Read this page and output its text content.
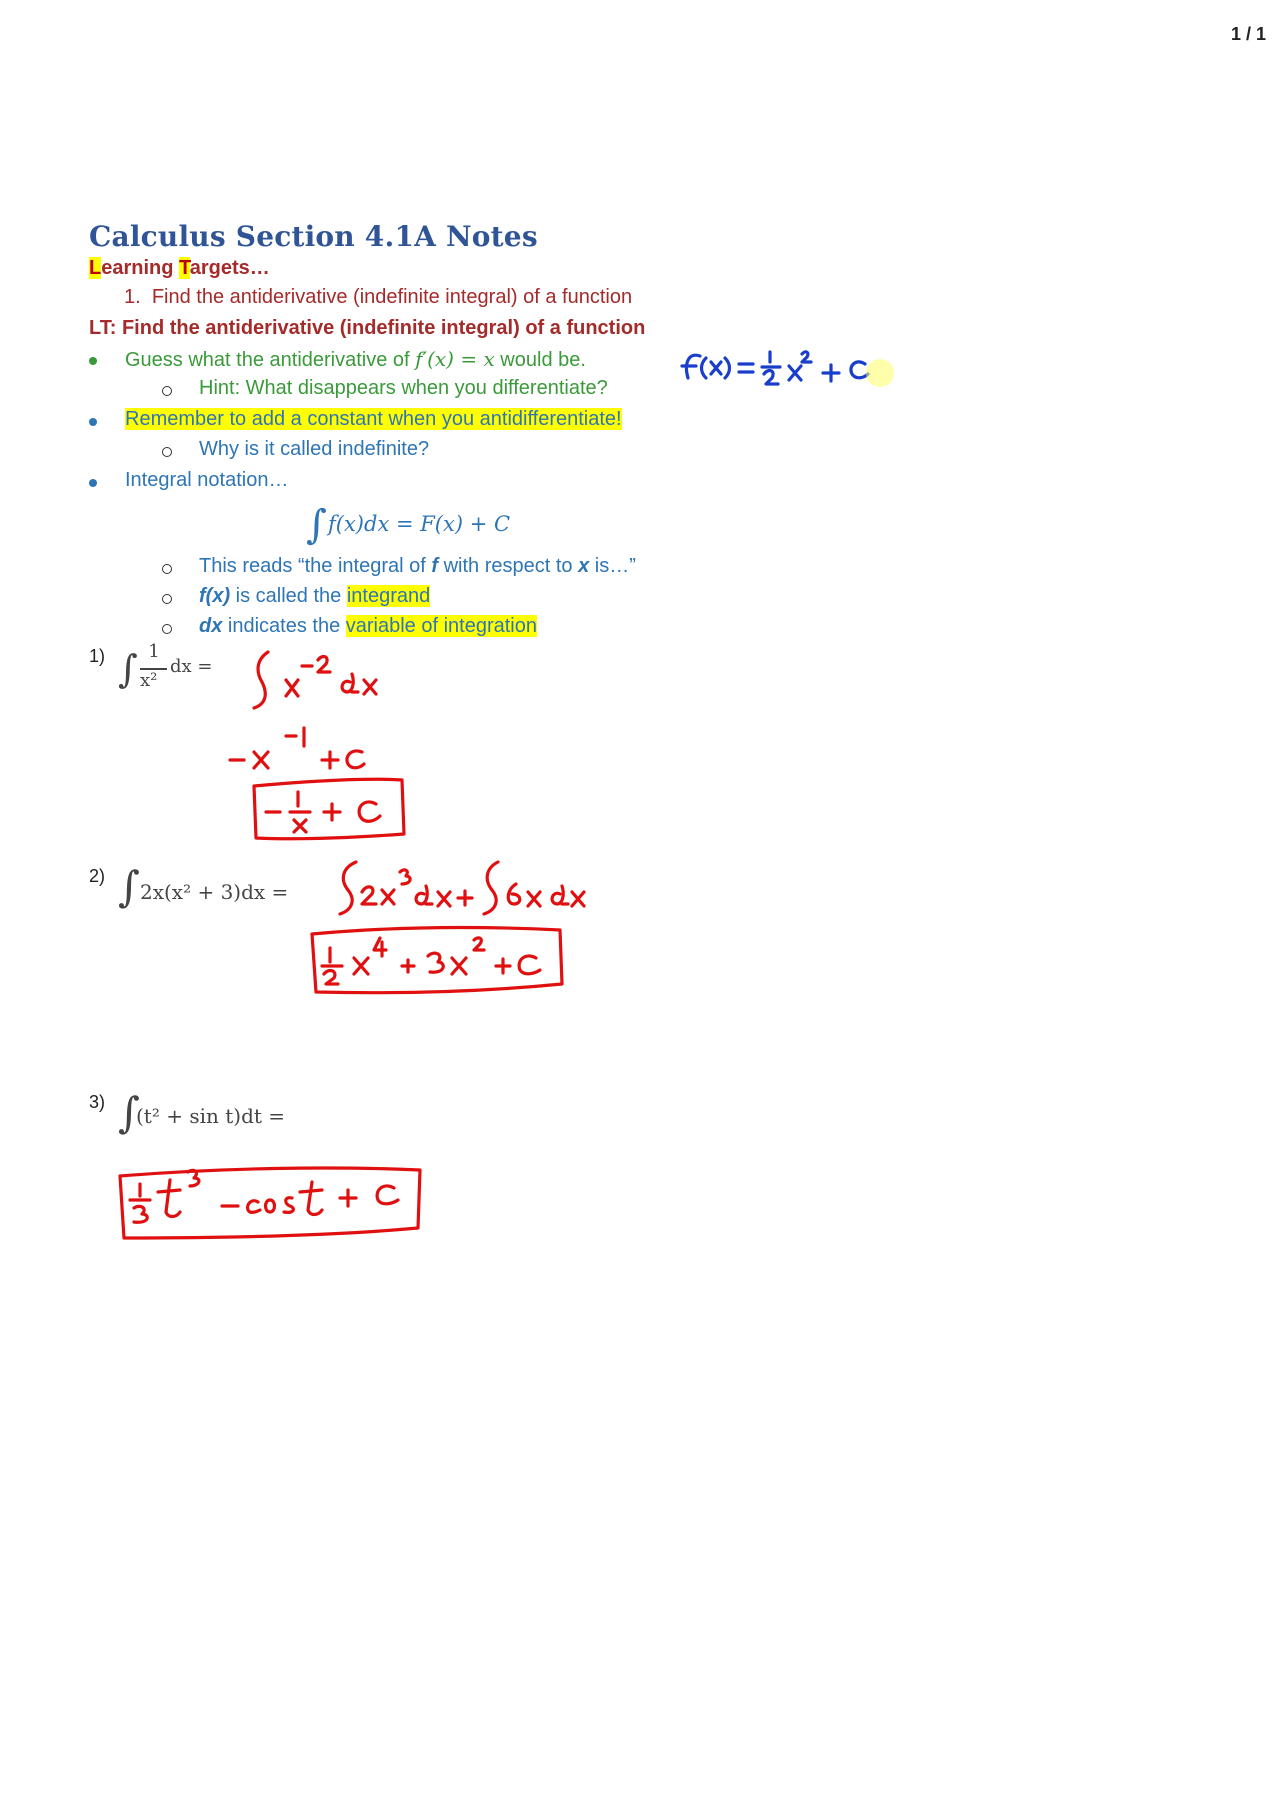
1 / 1
Calculus Section 4.1A Notes
Learning Targets…
1. Find the antiderivative (indefinite integral) of a function
LT: Find the antiderivative (indefinite integral) of a function
Guess what the antiderivative of f′(x) = x would be.
Hint: What disappears when you differentiate?
Remember to add a constant when you antidifferentiate!
Why is it called indefinite?
Integral notation…
∫ f(x)dx = F(x) + C
This reads “the integral of f with respect to x is…”
f(x) is called the integrand
dx indicates the variable of integration
1) ∫ 1
x²
dx =
2) ∫ 2x(x² + 3)dx =
3) ∫
(t² + sin t)dt =
